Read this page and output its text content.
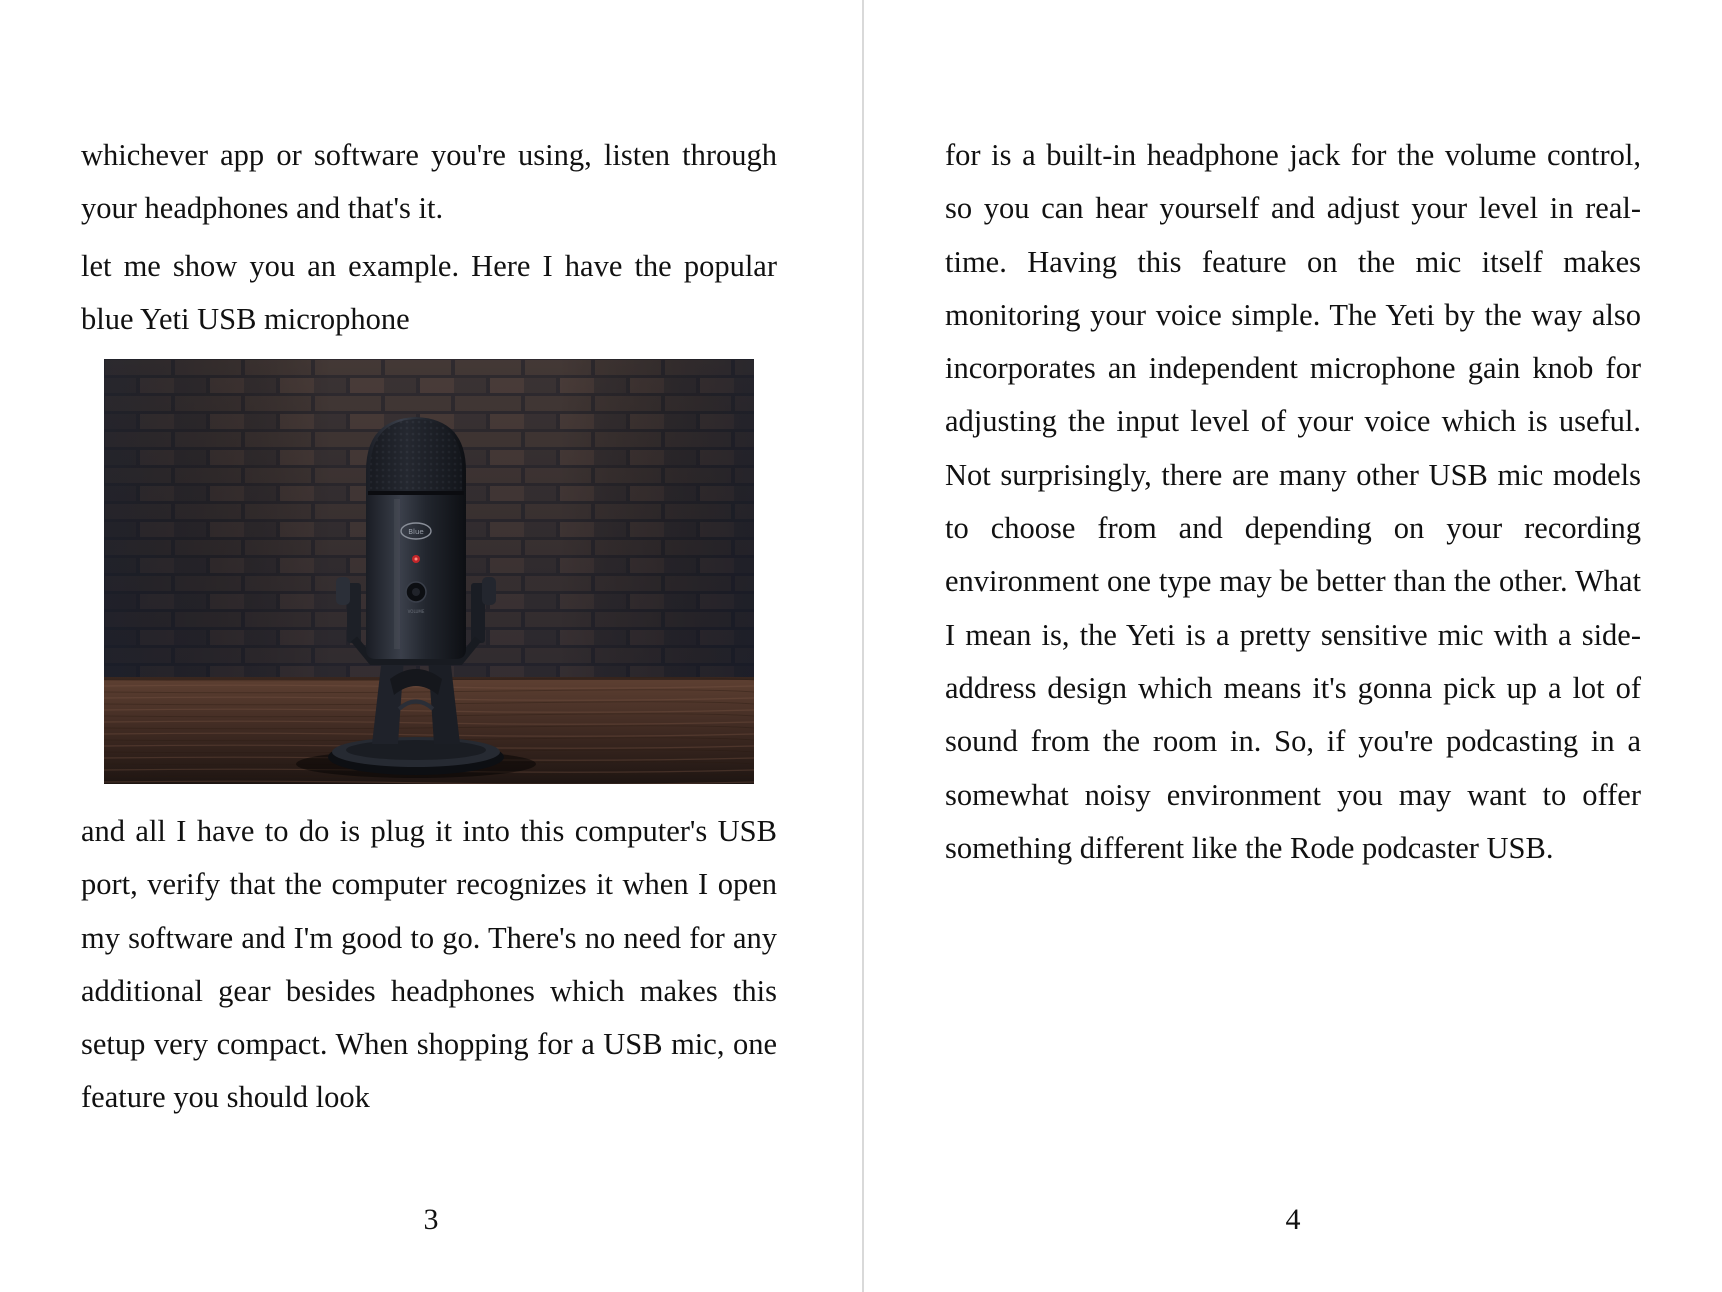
whichever app or software you're using, listen through your headphones and that's it.

let me show you an example. Here I have the popular blue Yeti USB microphone

Blue
VOLUME

and all I have to do is plug it into this computer's USB port, verify that the computer recognizes it when I open my software and I'm good to go. There's no need for any additional gear besides headphones which makes this setup very compact. When shopping for a USB mic, one feature you should look

3

for is a built-in headphone jack for the volume control, so you can hear yourself and adjust your level in real-time. Having this feature on the mic itself makes monitoring your voice simple. The Yeti by the way also incorporates an independent microphone gain knob for adjusting the input level of your voice which is useful. Not surprisingly, there are many other USB mic models to choose from and depending on your recording environment one type may be better than the other. What I mean is, the Yeti is a pretty sensitive mic with a side-address design which means it's gonna pick up a lot of sound from the room in. So, if you're podcasting in a somewhat noisy environment you may want to offer something different like the Rode podcaster USB.

4
